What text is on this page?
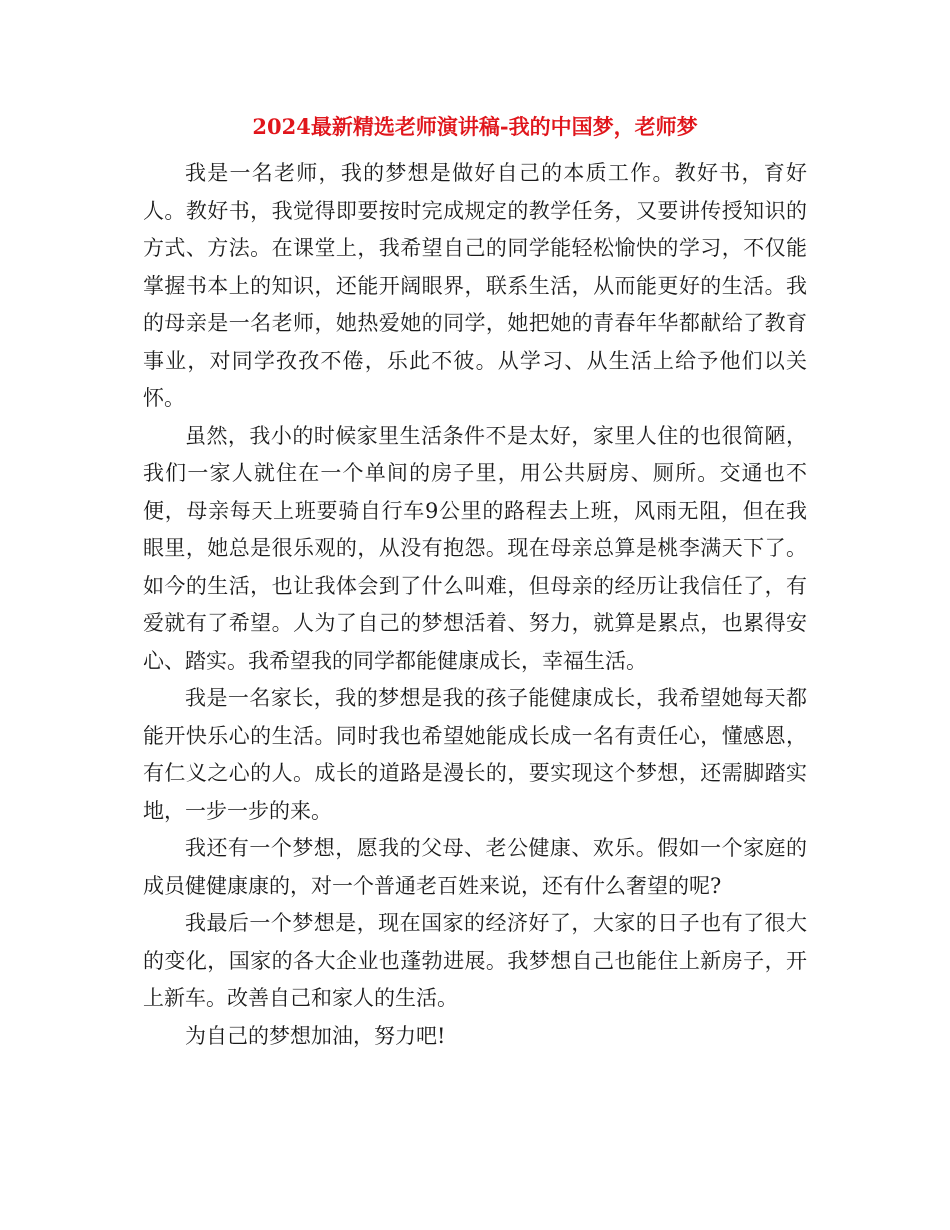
2024最新精选老师演讲稿-我的中国梦，老师梦

我是一名老师，我的梦想是做好自己的本质工作。教好书，育好人。教好书，我觉得即要按时完成规定的教学任务，又要讲传授知识的方式、方法。在课堂上，我希望自己的同学能轻松愉快的学习，不仅能掌握书本上的知识，还能开阔眼界，联系生活，从而能更好的生活。我的母亲是一名老师，她热爱她的同学，她把她的青春年华都献给了教育事业，对同学孜孜不倦，乐此不彼。从学习、从生活上给予他们以关怀。

虽然，我小的时候家里生活条件不是太好，家里人住的也很简陋，我们一家人就住在一个单间的房子里，用公共厨房、厕所。交通也不便，母亲每天上班要骑自行车9公里的路程去上班，风雨无阻，但在我眼里，她总是很乐观的，从没有抱怨。现在母亲总算是桃李满天下了。如今的生活，也让我体会到了什么叫难，但母亲的经历让我信任了，有爱就有了希望。人为了自己的梦想活着、努力，就算是累点，也累得安心、踏实。我希望我的同学都能健康成长，幸福生活。

我是一名家长，我的梦想是我的孩子能健康成长，我希望她每天都能开快乐心的生活。同时我也希望她能成长成一名有责任心，懂感恩，有仁义之心的人。成长的道路是漫长的，要实现这个梦想，还需脚踏实地，一步一步的来。

我还有一个梦想，愿我的父母、老公健康、欢乐。假如一个家庭的成员健健康康的，对一个普通老百姓来说，还有什么奢望的呢?

我最后一个梦想是，现在国家的经济好了，大家的日子也有了很大的变化，国家的各大企业也蓬勃进展。我梦想自己也能住上新房子，开上新车。改善自己和家人的生活。

为自己的梦想加油，努力吧!
